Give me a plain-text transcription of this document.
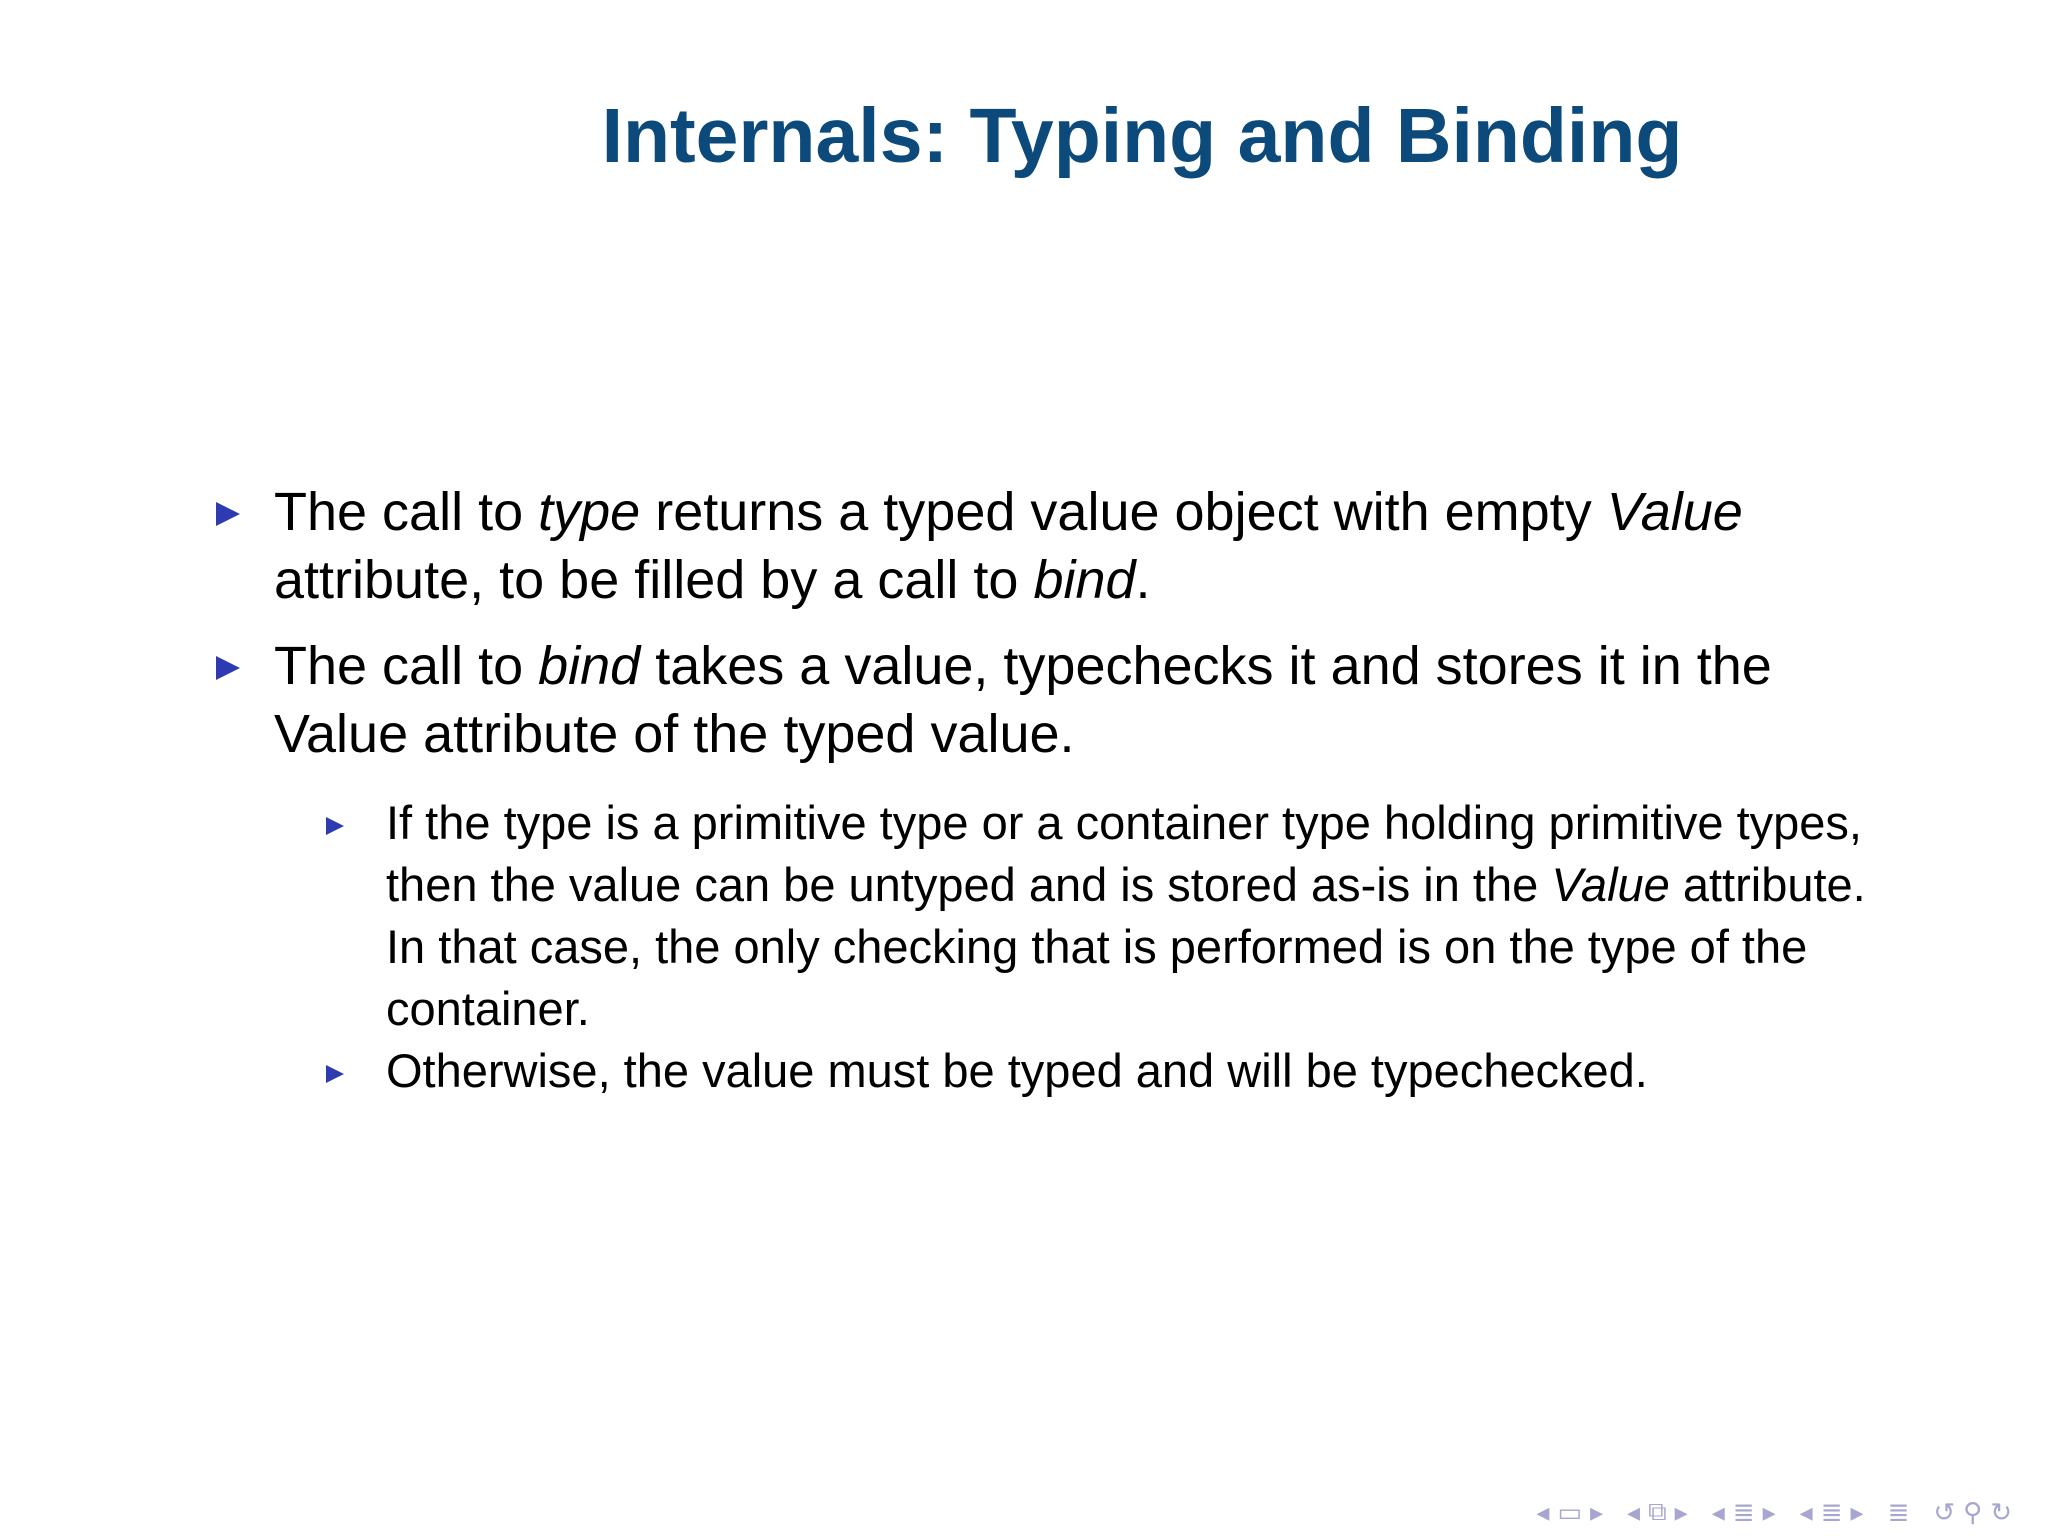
Internals: Typing and Binding
The call to type returns a typed value object with empty Value attribute, to be filled by a call to bind.
The call to bind takes a value, typechecks it and stores it in the Value attribute of the typed value.
If the type is a primitive type or a container type holding primitive types, then the value can be untyped and is stored as-is in the Value attribute. In that case, the only checking that is performed is on the type of the container.
Otherwise, the value must be typed and will be typechecked.
◂ ▭ ▸ ◂ ⧉ ▸ ◂ ≣ ▸ ◂ ≣ ▸ ≣ ↺ ⚲ ↻
